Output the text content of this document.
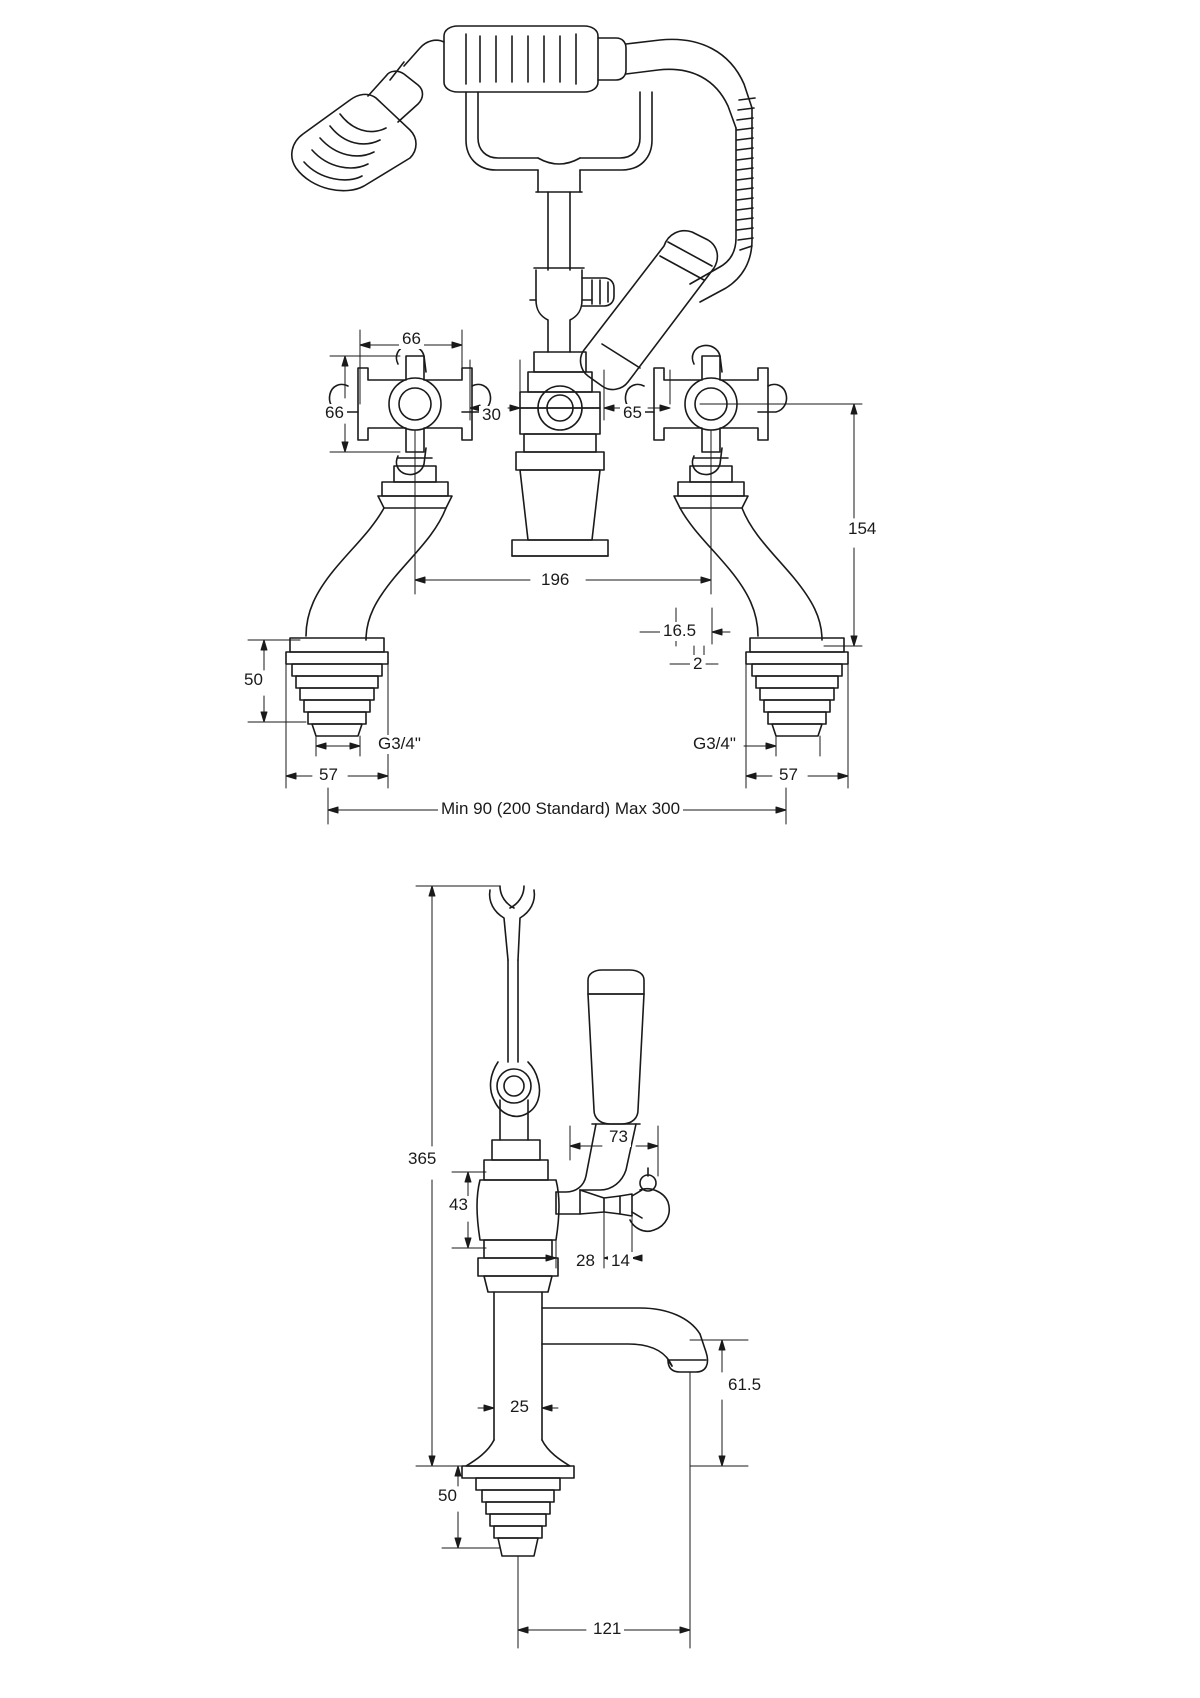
66
66	30	65
154
196
16.5
2
50
G3/4"	G3/4"
57	57
Min 90 (200 Standard) Max 300
365
73
43
28 14
25
61.5
50
121
